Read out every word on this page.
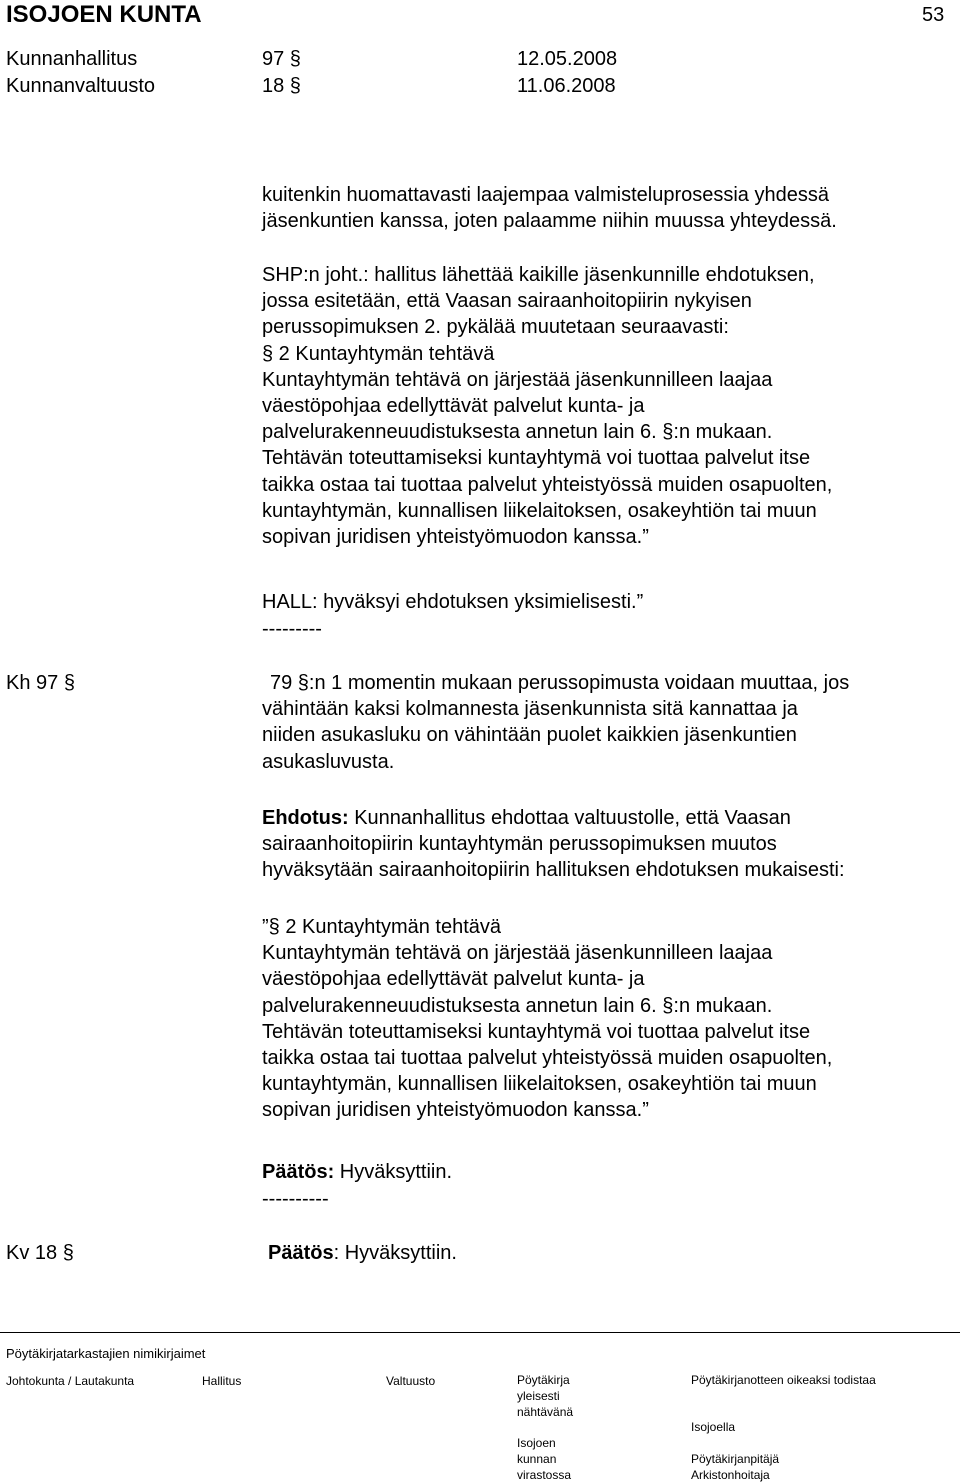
ISOJOEN KUNTA	53
Kunnanhallitus	97 §	12.05.2008
Kunnanvaltuusto	18 §	11.06.2008
kuitenkin huomattavasti laajempaa valmisteluprosessia yhdessä
jäsenkuntien kanssa, joten palaamme niihin muussa yhteydessä.
SHP:n joht.: hallitus lähettää kaikille jäsenkunnille ehdotuksen,
jossa esitetään, että Vaasan sairaanhoitopiirin nykyisen
perussopimuksen 2. pykälää muutetaan seuraavasti:
§ 2 Kuntayhtymän tehtävä
Kuntayhtymän tehtävä on järjestää jäsenkunnilleen laajaa
väestöpohjaa edellyttävät palvelut kunta- ja
palvelurakenneuudistuksesta annetun lain 6. §:n mukaan.
Tehtävän toteuttamiseksi kuntayhtymä voi tuottaa palvelut itse
taikka ostaa tai tuottaa palvelut yhteistyössä muiden osapuolten,
kuntayhtymän, kunnallisen liikelaitoksen, osakeyhtiön tai muun
sopivan juridisen yhteistyömuodon kanssa.”
HALL: hyväksyi ehdotuksen yksimielisesti.”
---------
Kh 97 §	79 §:n 1 momentin mukaan perussopimusta voidaan muuttaa, jos
vähintään kaksi kolmannesta jäsenkunnista sitä kannattaa ja
niiden asukasluku on vähintään puolet kaikkien jäsenkuntien
asukasluvusta.
Ehdotus: Kunnanhallitus ehdottaa valtuustolle, että Vaasan
sairaanhoitopiirin kuntayhtymän perussopimuksen muutos
hyväksytään sairaanhoitopiirin hallituksen ehdotuksen mukaisesti:
”§ 2 Kuntayhtymän tehtävä
Kuntayhtymän tehtävä on järjestää jäsenkunnilleen laajaa
väestöpohjaa edellyttävät palvelut kunta- ja
palvelurakenneuudistuksesta annetun lain 6. §:n mukaan.
Tehtävän toteuttamiseksi kuntayhtymä voi tuottaa palvelut itse
taikka ostaa tai tuottaa palvelut yhteistyössä muiden osapuolten,
kuntayhtymän, kunnallisen liikelaitoksen, osakeyhtiön tai muun
sopivan juridisen yhteistyömuodon kanssa.”
Päätös: Hyväksyttiin.
----------
Kv 18 §	Päätös: Hyväksyttiin.
Pöytäkirjatarkastajien nimikirjaimet
Johtokunta / Lautakunta	Hallitus	Valtuusto	Pöytäkirja
yleisesti
nähtävänä
Isojoen
kunnan
virastossa
Pöytäkirjanotteen oikeaksi todistaa
Isojoella
Pöytäkirjanpitäjä
Arkistonhoitaja
